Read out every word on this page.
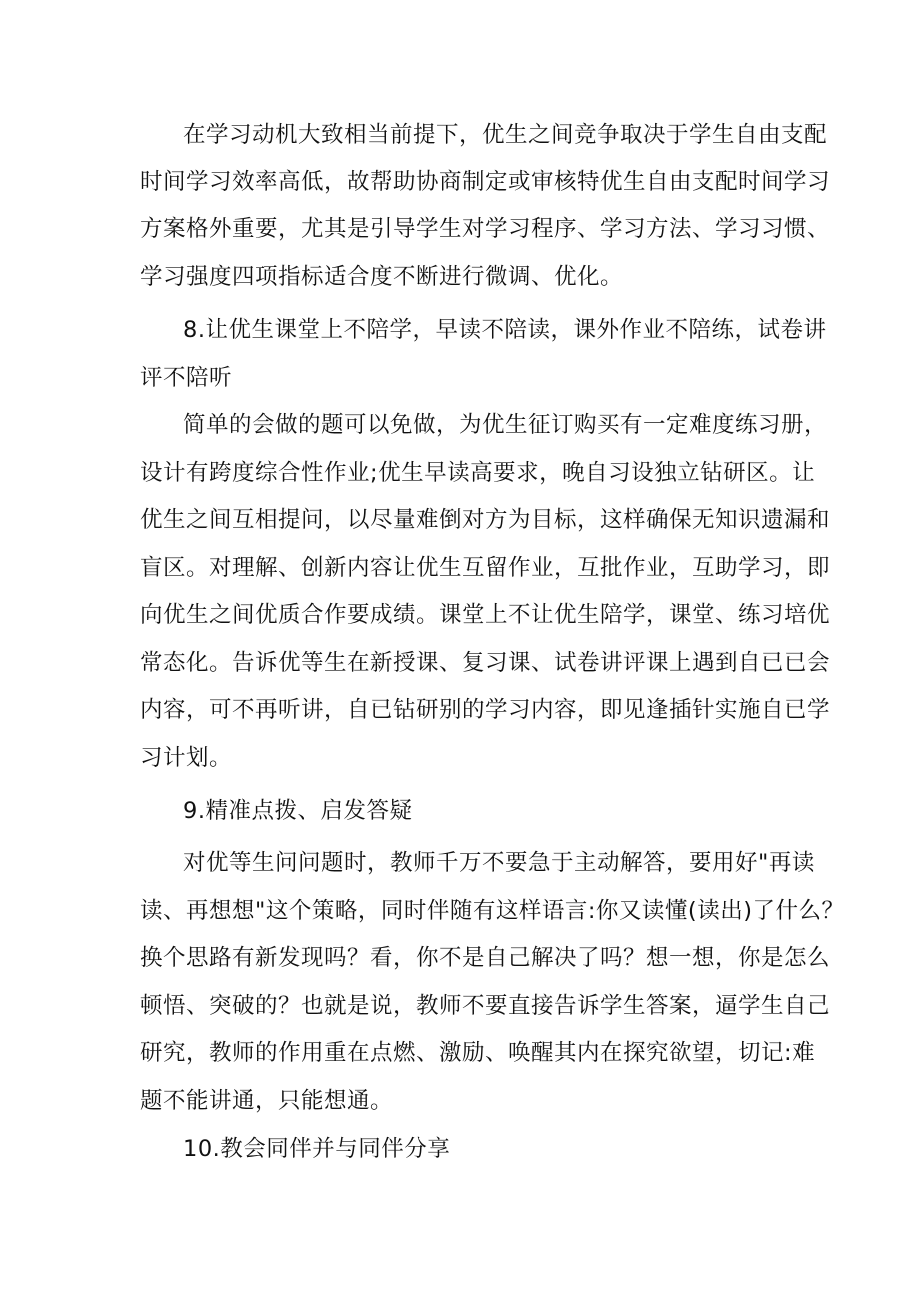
在学习动机大致相当前提下，优生之间竞争取决于学生自由支配

时间学习效率高低，故帮助协商制定或审核特优生自由支配时间学习

方案格外重要，尤其是引导学生对学习程序、学习方法、学习习惯、

学习强度四项指标适合度不断进行微调、优化。

8.让优生课堂上不陪学，早读不陪读，课外作业不陪练，试卷讲

评不陪听

简单的会做的题可以免做，为优生征订购买有一定难度练习册，

设计有跨度综合性作业;优生早读高要求，晚自习设独立钻研区。让

优生之间互相提问，以尽量难倒对方为目标，这样确保无知识遗漏和

盲区。对理解、创新内容让优生互留作业，互批作业，互助学习，即

向优生之间优质合作要成绩。课堂上不让优生陪学，课堂、练习培优

常态化。告诉优等生在新授课、复习课、试卷讲评课上遇到自已已会

内容，可不再听讲，自已钻研别的学习内容，即见逢插针实施自已学

习计划。

9.精准点拨、启发答疑

对优等生问问题时，教师千万不要急于主动解答，要用好"再读

读、再想想"这个策略，同时伴随有这样语言:你又读懂(读出)了什么？

换个思路有新发现吗？看，你不是自己解决了吗？想一想，你是怎么

顿悟、突破的？也就是说，教师不要直接告诉学生答案，逼学生自己

研究，教师的作用重在点燃、激励、唤醒其内在探究欲望，切记:难

题不能讲通，只能想通。

10.教会同伴并与同伴分享
